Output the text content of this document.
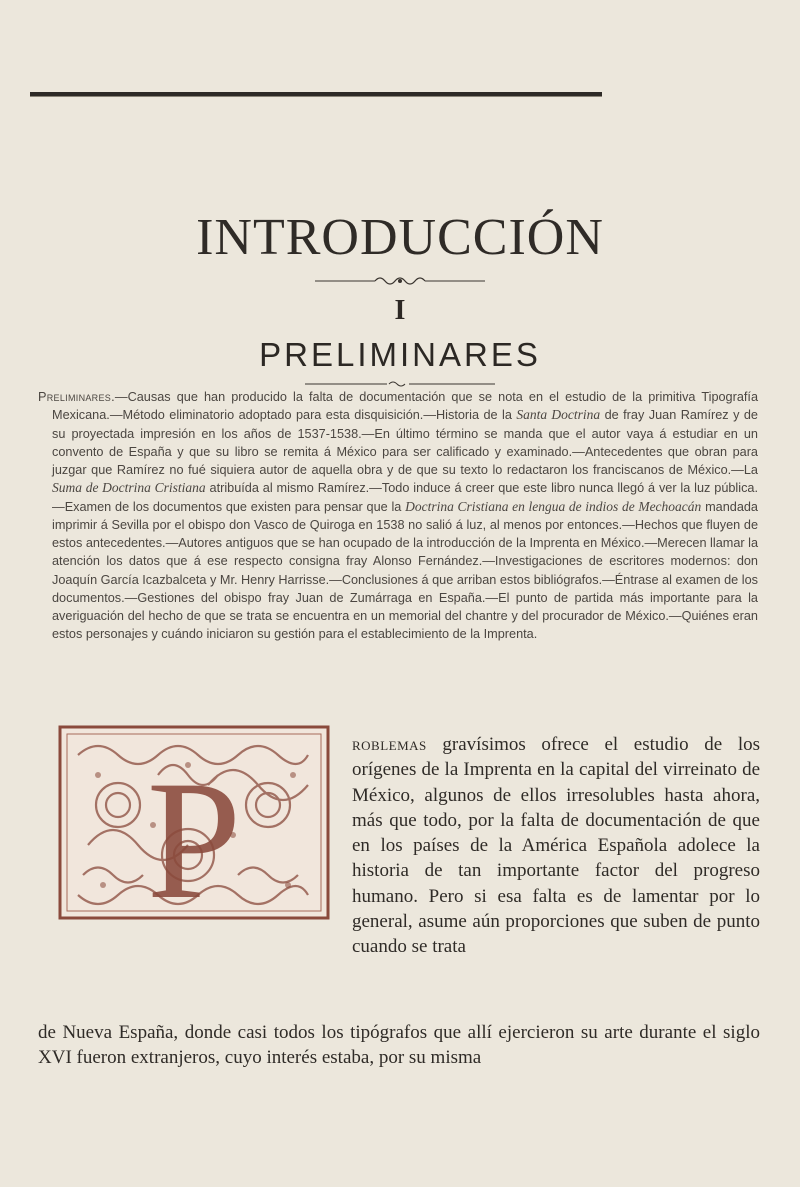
INTRODUCCIÓN
I
PRELIMINARES

Preliminares.—Causas que han producido la falta de documentación que se nota en el estudio de la primitiva Tipografía Mexicana.—Método eliminatorio adoptado para esta disquisición.—Historia de la Santa Doctrina de fray Juan Ramírez y de su proyectada impresión en los años de 1537-1538.—En último término se manda que el autor vaya á estudiar en un convento de España y que su libro se remita á México para ser calificado y examinado.—Antecedentes que obran para juzgar que Ramírez no fué siquiera autor de aquella obra y de que su texto lo redactaron los franciscanos de México.—La Suma de Doctrina Cristiana atribuída al mismo Ramírez.—Todo induce á creer que este libro nunca llegó á ver la luz pública.—Examen de los documentos que existen para pensar que la Doctrina Cristiana en lengua de indios de Mechoacán mandada imprimir á Sevilla por el obispo don Vasco de Quiroga en 1538 no salió á luz, al menos por entonces.—Hechos que fluyen de estos antecedentes.—Autores antiguos que se han ocupado de la introducción de la Imprenta en México.—Merecen llamar la atención los datos que á ese respecto consigna fray Alonso Fernández.—Investigaciones de escritores modernos: don Joaquín García Icazbalceta y Mr. Henry Harrisse.—Conclusiones á que arriban estos bibliógrafos.—Éntrase al examen de los documentos.—Gestiones del obispo fray Juan de Zumárraga en España.—El punto de partida más importante para la averiguación del hecho de que se trata se encuentra en un memorial del chantre y del procurador de México.—Quiénes eran estos personajes y cuándo iniciaron su gestión para el establecimiento de la Imprenta.

P

roblemas gravísimos ofrece el estudio de los orígenes de la Imprenta en la capital del virreinato de México, algunos de ellos irresolubles hasta ahora, más que todo, por la falta de documentación de que en los países de la América Española adolece la historia de tan importante factor del progreso humano. Pero si esa falta es de lamentar por lo general, asume aún proporciones que suben de punto cuando se trata

de Nueva España, donde casi todos los tipógrafos que allí ejercieron su arte durante el siglo XVI fueron extranjeros, cuyo interés estaba, por su misma
